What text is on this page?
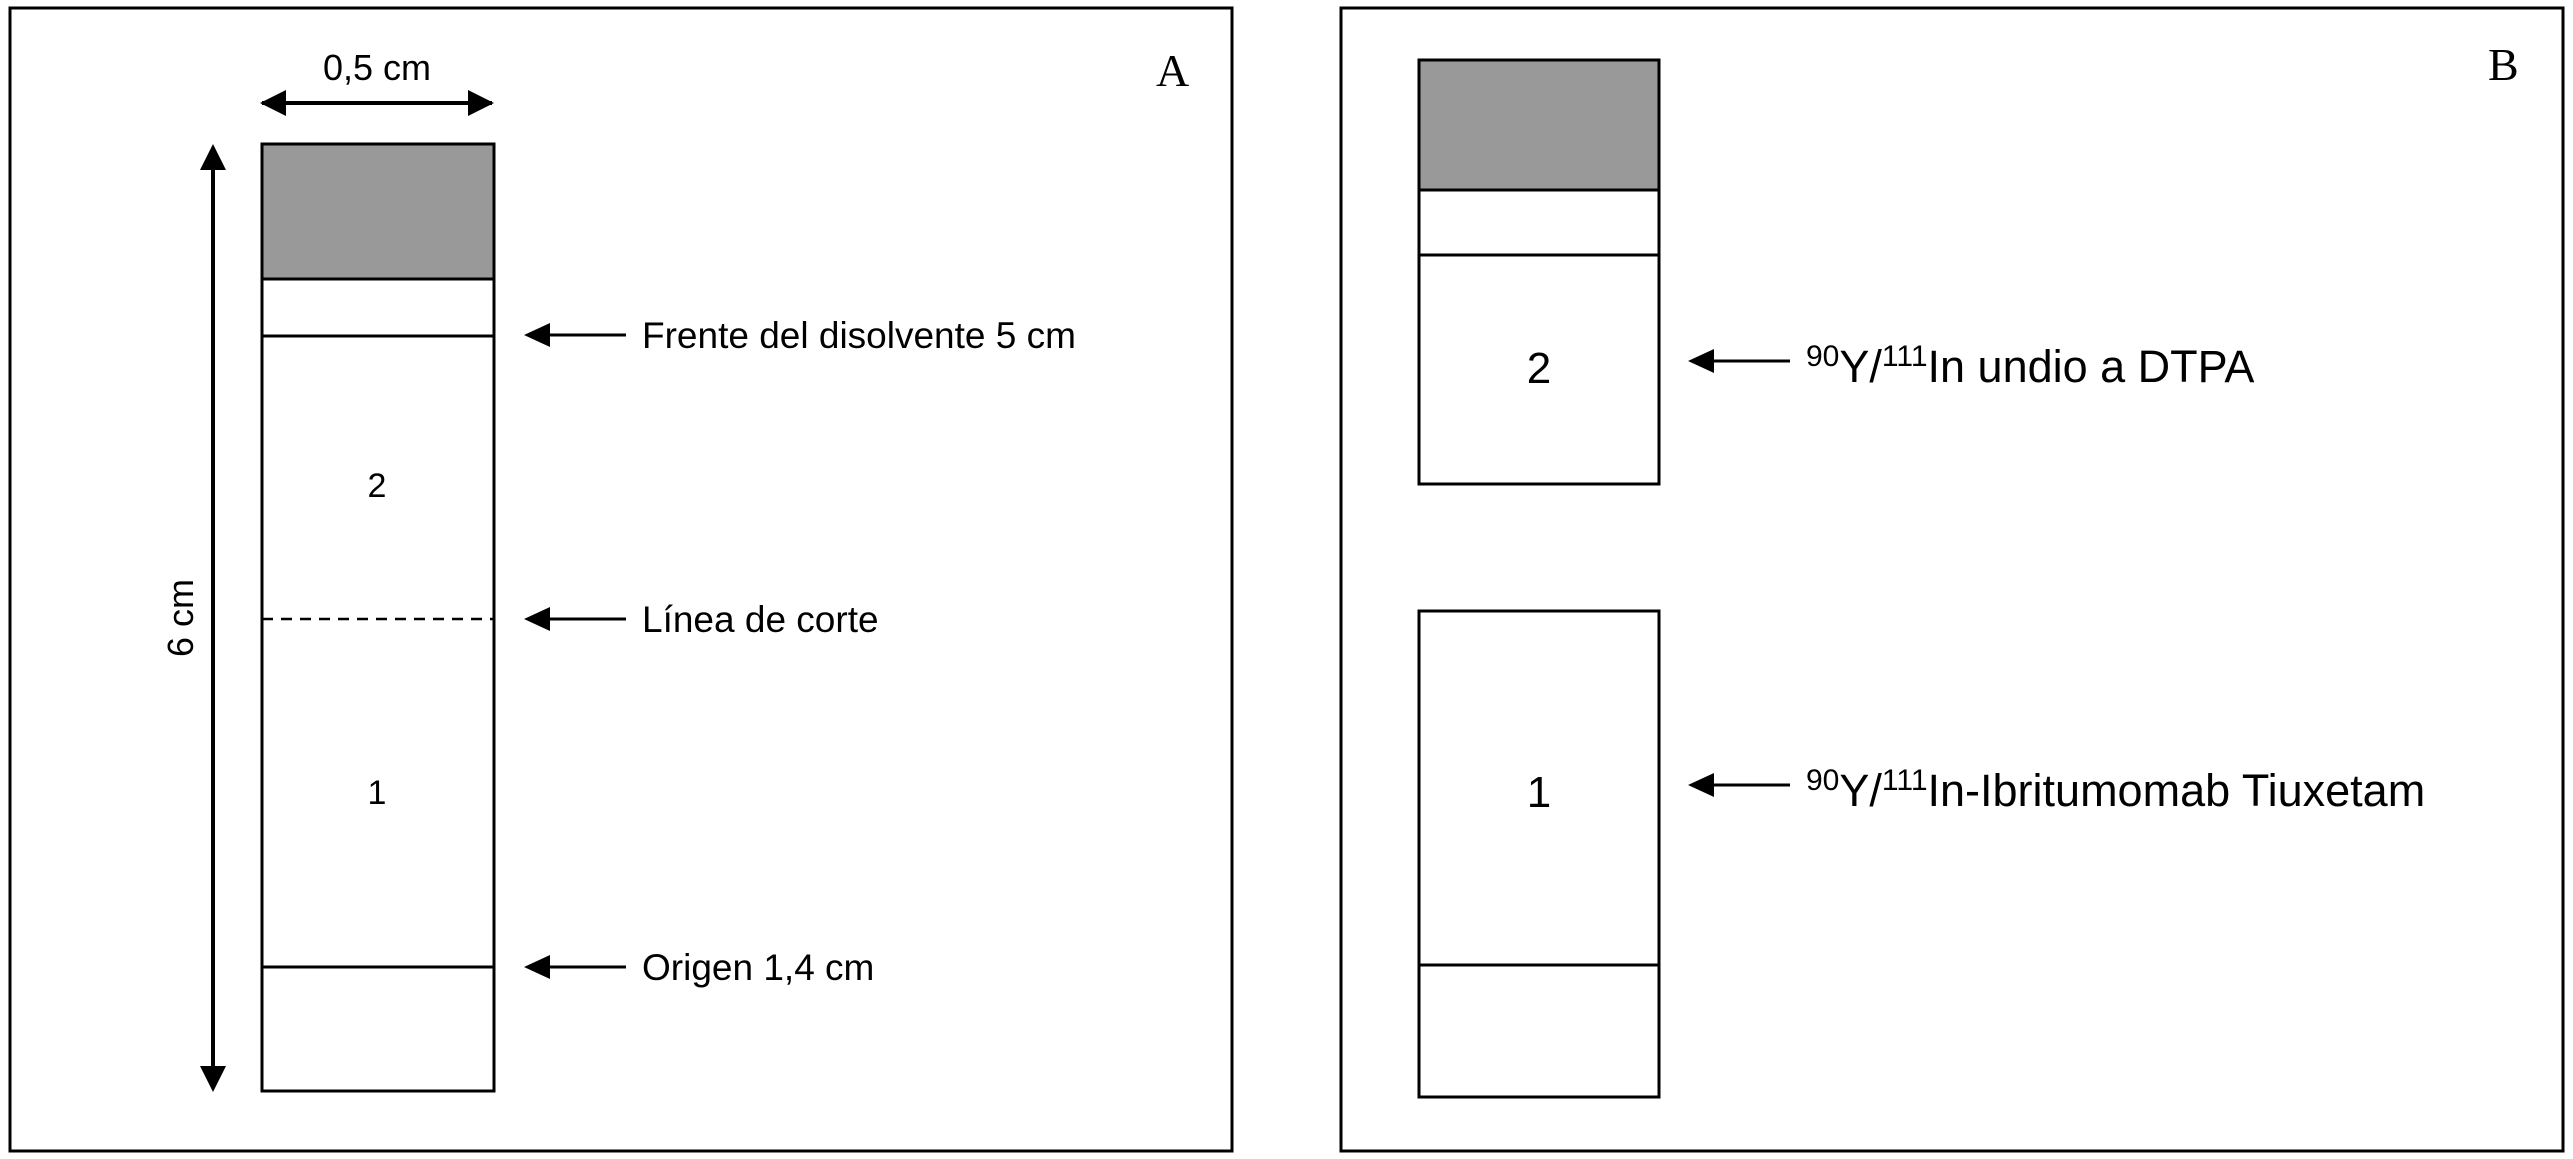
A
0,5 cm
6 cm
2
1
Frente del disolvente 5 cm
Línea de corte
Origen 1,4 cm
B
2
1
$^{90}$Y/$^{111}$In undio a DTPA
$^{90}$Y/$^{111}$In-Ibritumomab Tiuxetam
